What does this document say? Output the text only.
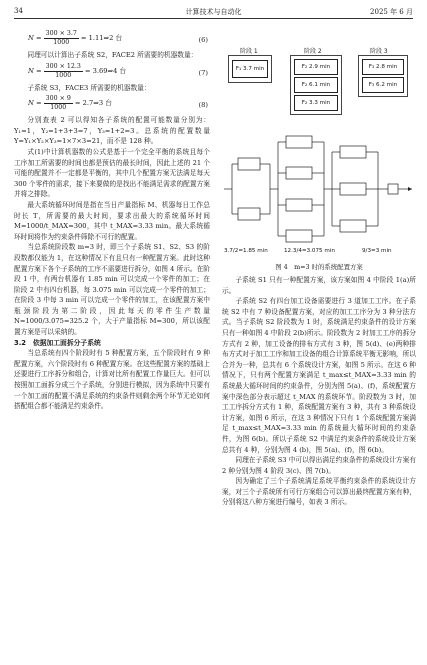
34	计算技术与自动化	2025 年 6 月
$N = \frac{300 \times 3.7}{1000}$ = 1.11⇒2 台	(6)

同理可以计算出子系统 S2，FACE2 所需要的机器数量：

$N = \frac{300 \times 12.3}{1000}$ = 3.69⇒4 台	(7)

子系统 S3，FACE3 所需要的机器数量：

$N = \frac{300 \times 9}{1000}$ = 2.7⇒3 台	(8)

分别查表 2 可以得知各子系统的配置可能数量分别为：Y₁=1，Y₂=1+3+3=7，Y₃=1+2=3。总系统的配置数量 Y=Y₁×Y₂×Y₃=1×7×3=21，而不是 128 种。

式(1)中计算机器数的公式是基于一个完全平衡的系统且每个工序加工所需要的时间也都是预估的最长时间，因此上述的 21 个可能的配置并不一定都是平衡的，其中几个配置方案无法满足每天 300 个零件的需求，接下来要做的是找出不能满足需求的配置方案并将之排除。

最大系统循环时间是指在当日产量指标 M、机器每日工作总时长 T，所需要的最大时间，要求出最大的系统循环时间 M=1000/t_MAX=300，其中 t_MAX=3.33 min。最大系统循环时间将作为约束条件筛除不可行的配置。

当总系统阶段数 m=3 时，即三个子系统 S1、S2、S3 的阶段数都仅能为 1，在这种情况下有且只有一种配置方案。此时这种配置方案下各个子系统的工序不需要进行拆分，如图 4 所示。在阶段 1 中，有两台机器有 1.85 min 可以完成一个零件的加工；在阶段 2 中有四台机器，每 3.075 min 可以完成一个零件的加工；在阶段 3 中每 3 min 可以完成一个零件的加工，在该配置方案中瓶颈阶段为第二阶段，因此每天的零件生产数量 N=1000/3.075=325.2 个，大于产量指标 M=300，所以该配置方案是可以采纳的。

3.2　依据加工面拆分子系统

当总系统有四个阶段时有 5 种配置方案，五个阶段时有 9 种配置方案，六个阶段时有 6 种配置方案。在这些配置方案的基础上还要进行工序拆分和组合，计算对比所有配置工作量巨大。但可以按照加工面拆分成三个子系统，分别进行模拟，因为系统中只要有一个加工面的配置不满足系统的约束条件则剩余两个环节无论如何搭配组合都不能满足约束条件。

阶段 1	阶段 2	阶段 3
F₁ 3.7 min	F₂ 2.9 min
F₂ 6.1 min
F₂ 3.3 min
F₃ 2.8 min
F₃ 6.2 min
3.7/2=1.85 min	12.3/4=3.075 min	9/3=3 min
图 4　m=3 时的系统配置方案

子系统 S1 只有一种配置方案，该方案如图 4 中阶段 1(a)所示。

子系统 S2 有四台加工设备需要进行 3 道加工工序。在子系统 S2 中有 7 种设备配置方案，对应的加工工序分为 3 种分法方式。当子系统 S2 阶段数为 1 时，系统满足约束条件的设计方案只有一种如图 4 中阶段 2(b)所示。阶段数为 2 时加工工序的拆分方式有 2 种，加工设备的排布方式有 3 种，图 5(d)、(e)两种排布方式对于加工工序和加工设备的组合计算系统平衡无影响，所以合并为一种，总共有 6 个系统设计方案，如图 5 所示。在这 6 种情况下，只有两个配置方案满足 t_max≤t_MAX=3.33 min 的系统最大循环时间的约束条件，分别为图 5(a)、(f)，系统配置方案中深色部分表示超过 t_MAX 的系统环节。阶段数为 3 时，加工工序拆分方式有 1 种，系统配置方案有 3 种，共有 3 种系统设计方案，如图 6 所示，在这 3 种情况下只有 1 个系统配置方案满足 t_max≤t_MAX=3.33 min 的系统最大循环时间的约束条件，为图 6(b)。所以子系统 S2 中满足约束条件的系统设计方案总共有 4 种，分别为图 4 (b)，图 5(a)、(f)，图 6(b)。

同理在子系统 S3 中可以得出满足约束条件的系统设计方案有 2 种分别为图 4 阶段 3(c)、图 7(b)。

因为确定了三个子系统满足系统平衡约束条件的系统设计方案，对三个子系统所有可行方案组合可以算出最终配置方案有种，分别将这八种方案进行编号，如表 3 所示。
